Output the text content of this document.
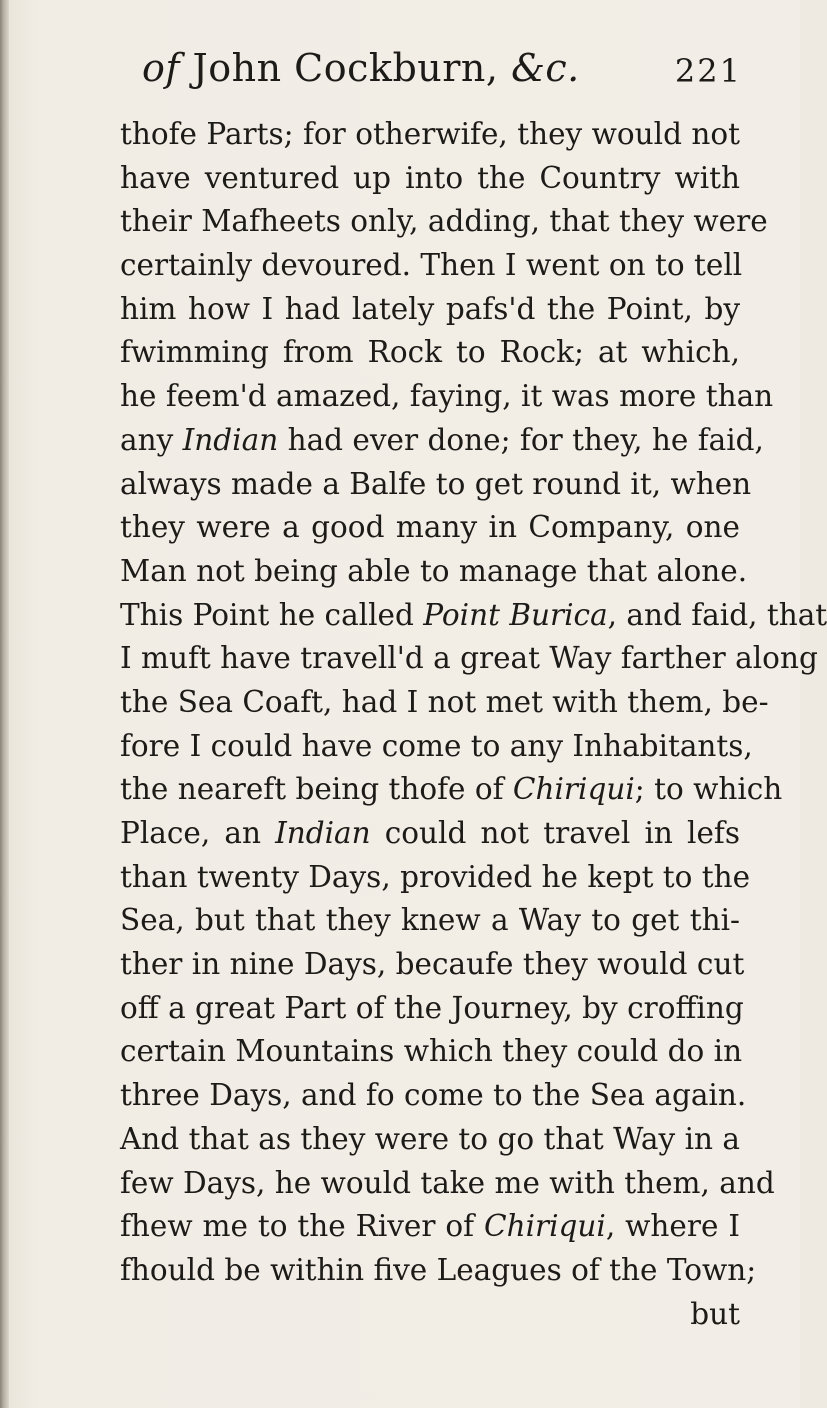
of John Cockburn, &c.	221
thofe Parts; for otherwife, they would not
have ventured up into the Country with
their Mafheets only, adding, that they were
certainly devoured. Then I went on to tell
him how I had lately pafs'd the Point, by
fwimming from Rock to Rock; at which,
he feem'd amazed, faying, it was more than
any Indian had ever done; for they, he faid,
always made a Balfe to get round it, when
they were a good many in Company, one
Man not being able to manage that alone.
This Point he called Point Burica, and faid, that
I muft have travell'd a great Way farther along
the Sea Coaft, had I not met with them, be-
fore I could have come to any Inhabitants,
the neareft being thofe of Chiriqui; to which
Place, an Indian could not travel in lefs
than twenty Days, provided he kept to the
Sea, but that they knew a Way to get thi-
ther in nine Days, becaufe they would cut
off a great Part of the Journey, by croffing
certain Mountains which they could do in
three Days, and fo come to the Sea again.
And that as they were to go that Way in a
few Days, he would take me with them, and
fhew me to the River of Chiriqui, where I
fhould be within five Leagues of the Town;
but
